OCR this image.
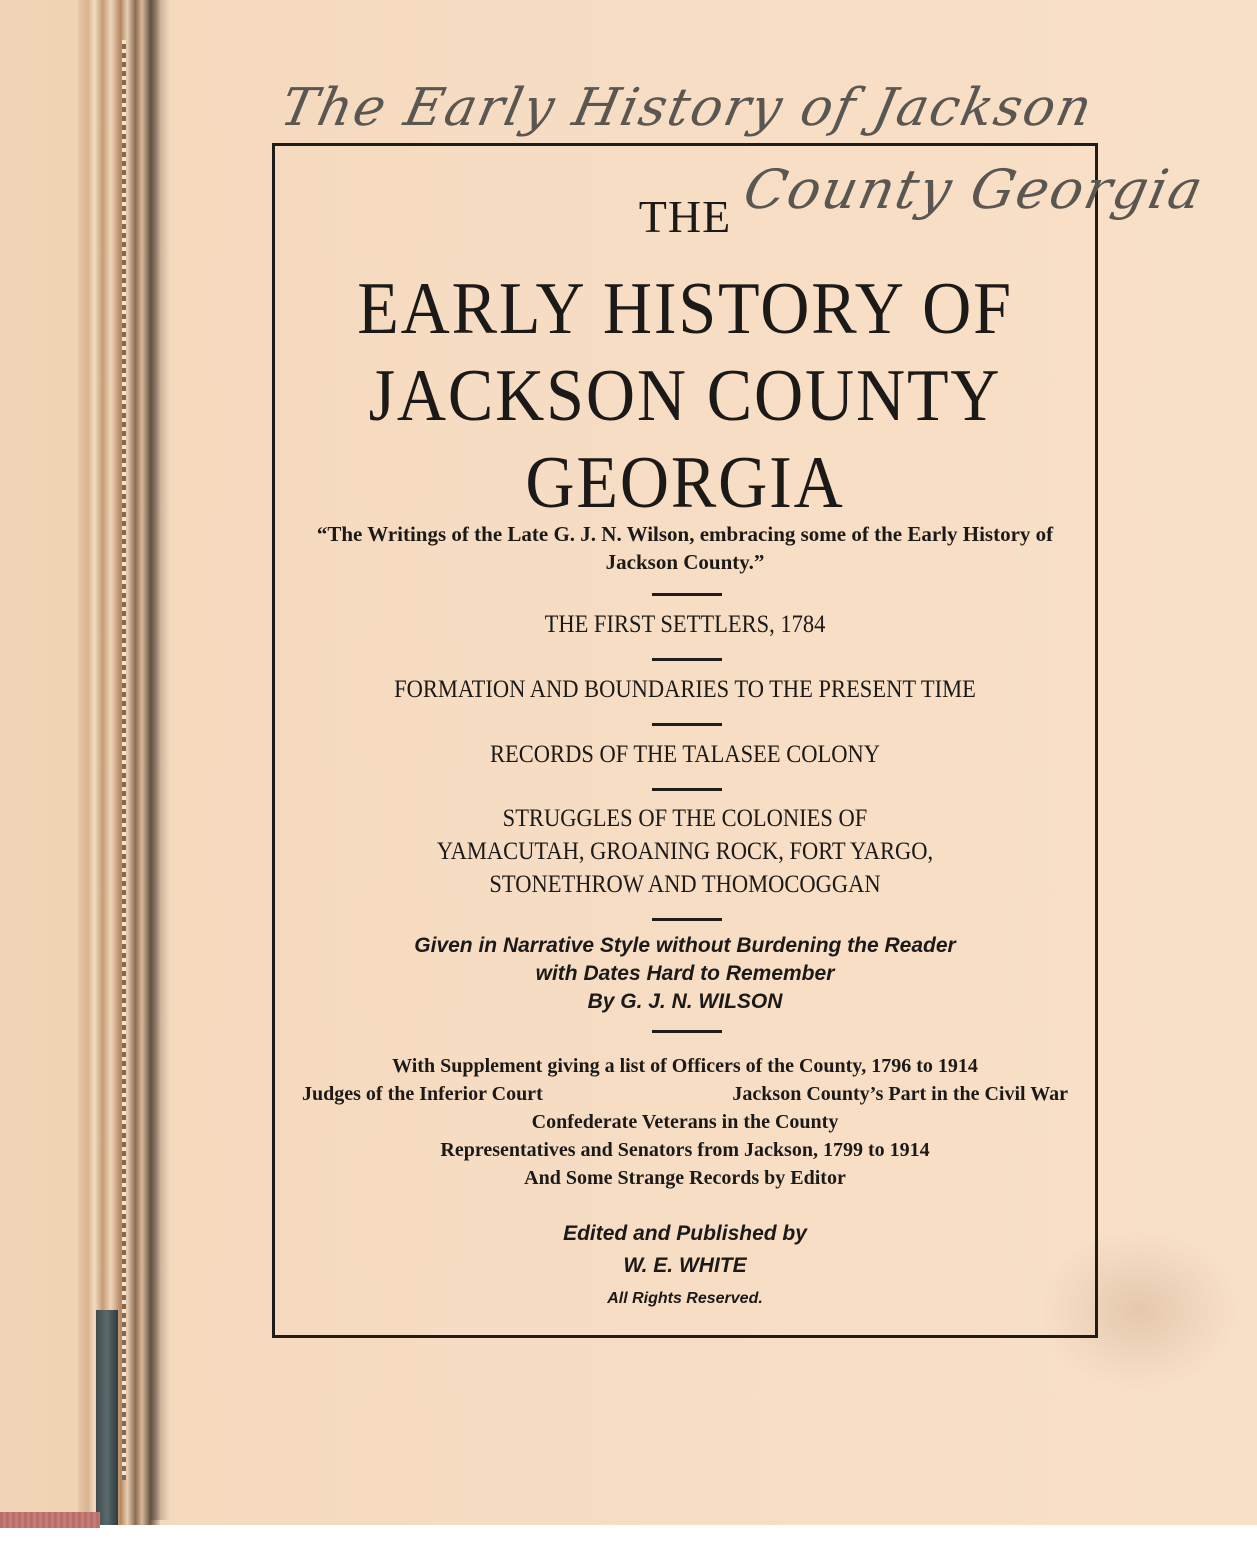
The Early History of Jackson
THE
EARLY HISTORY OF
JACKSON COUNTY
GEORGIA
“The Writings of the Late G. J. N. Wilson, embracing some of the Early History of Jackson County.”
THE FIRST SETTLERS, 1784
FORMATION AND BOUNDARIES TO THE PRESENT TIME
RECORDS OF THE TALASEE COLONY
STRUGGLES OF THE COLONIES OF
YAMACUTAH, GROANING ROCK, FORT YARGO,
STONETHROW AND THOMOCOGGAN
Given in Narrative Style without Burdening the Reader
with Dates Hard to Remember
By G. J. N. WILSON
With Supplement giving a list of Officers of the County, 1796 to 1914
Judges of the Inferior Court	Jackson County’s Part in the Civil War
Confederate Veterans in the County
Representatives and Senators from Jackson, 1799 to 1914
And Some Strange Records by Editor
Edited and Published by
W. E. WHITE
All Rights Reserved.
County Georgia
